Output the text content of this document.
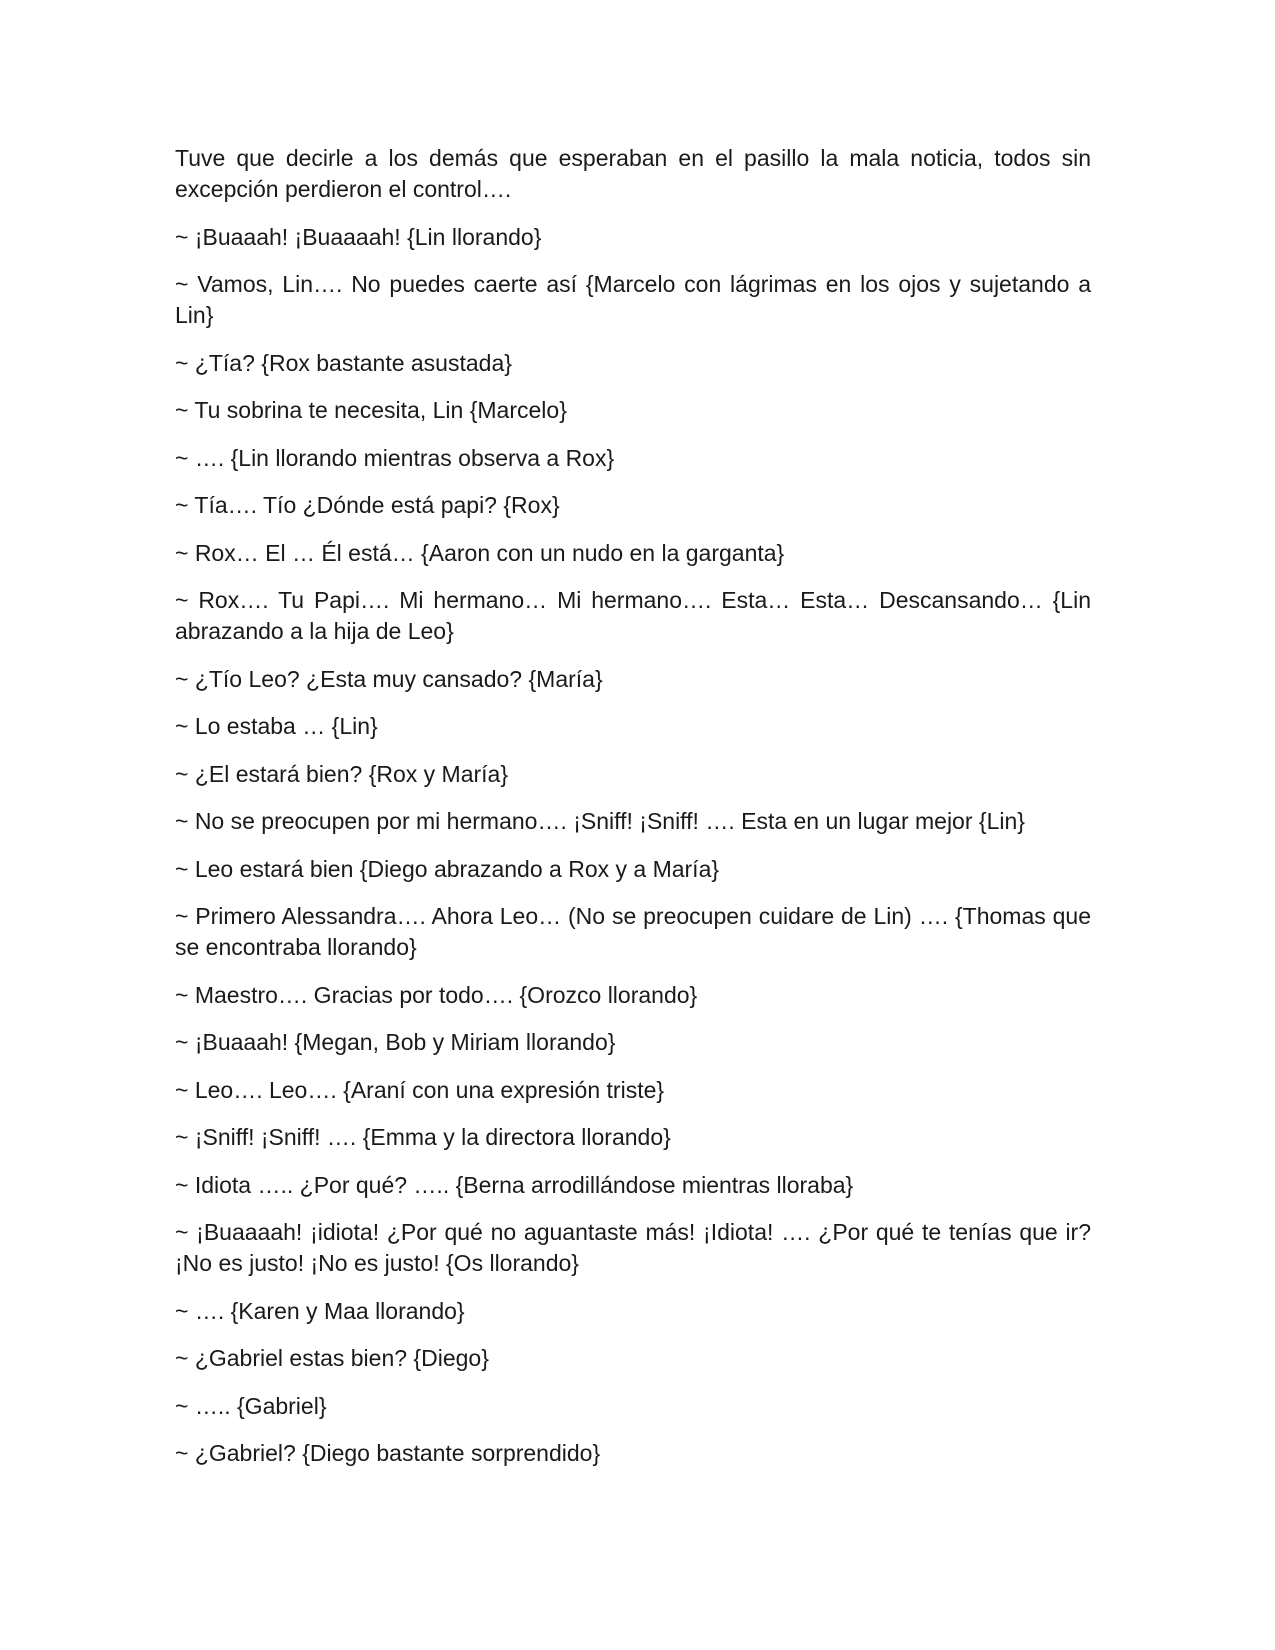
Tuve que decirle a los demás que esperaban en el pasillo la mala noticia, todos sin excepción perdieron el control….

~ ¡Buaaah! ¡Buaaaah! {Lin llorando}

~ Vamos, Lin…. No puedes caerte así {Marcelo con lágrimas en los ojos y sujetando a Lin}

~ ¿Tía? {Rox bastante asustada}

~ Tu sobrina te necesita, Lin {Marcelo}

~ …. {Lin llorando mientras observa a Rox}

~ Tía…. Tío ¿Dónde está papi? {Rox}

~ Rox… El … Él está… {Aaron con un nudo en la garganta}

~ Rox…. Tu Papi…. Mi hermano… Mi hermano…. Esta… Esta… Descansando… {Lin abrazando a la hija de Leo}

~ ¿Tío Leo? ¿Esta muy cansado? {María}

~ Lo estaba … {Lin}

~ ¿El estará bien? {Rox y María}

~ No se preocupen por mi hermano…. ¡Sniff! ¡Sniff! …. Esta en un lugar mejor {Lin}

~ Leo estará bien {Diego abrazando a Rox y a María}

~ Primero Alessandra…. Ahora Leo… (No se preocupen cuidare de Lin) …. {Thomas que se encontraba llorando}

~ Maestro…. Gracias por todo…. {Orozco llorando}

~ ¡Buaaah! {Megan, Bob y Miriam llorando}

~ Leo…. Leo…. {Araní con una expresión triste}

~ ¡Sniff! ¡Sniff! …. {Emma y la directora llorando}

~ Idiota ….. ¿Por qué? ….. {Berna arrodillándose mientras lloraba}

~ ¡Buaaaah! ¡idiota! ¿Por qué no aguantaste más! ¡Idiota! …. ¿Por qué te tenías que ir? ¡No es justo! ¡No es justo! {Os llorando}

~ …. {Karen y Maa llorando}

~ ¿Gabriel estas bien? {Diego}

~ ….. {Gabriel}

~ ¿Gabriel? {Diego bastante sorprendido}
